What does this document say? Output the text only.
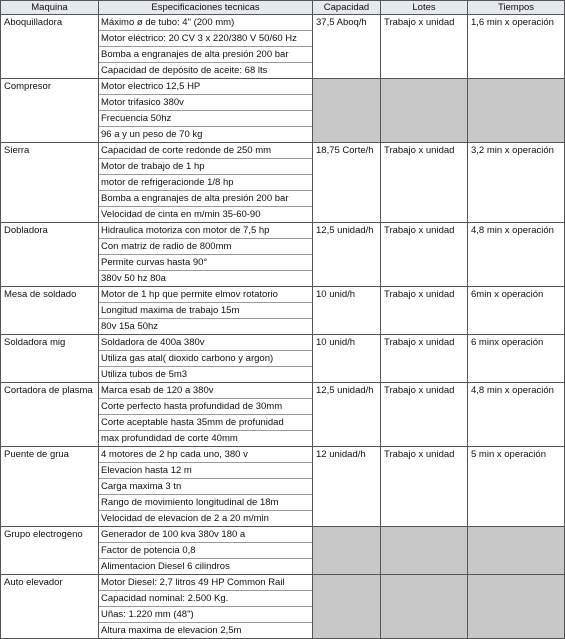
Maquina	Especificaciones tecnicas	Capacidad	Lotes	Tiempos
Aboquilladora	Máximo ø de tubo: 4" (200 mm)
Motor eléctrico: 20 CV 3 x 220/380 V 50/60 Hz
Bomba a engranajes de alta presión 200 bar
Capacidad de depósito de aceite: 68 lts	37,5 Aboq/h	Trabajo x unidad	1,6 min x operación
Compresor	Motor electrico 12,5 HP
Motor trifasico 380v
Frecuencia 50hz
96 a y un peso de 70 kg			

Sierra	Capacidad de corte redonde de 250 mm
Motor de trabajo de 1 hp
motor de refrigeracionde 1/8 hp
Bomba a engranajes de alta presión 200 bar
Velocidad de cinta en m/min 35-60-90	18,75 Corte/h	Trabajo x unidad	3,2 min x operación
Dobladora	Hidraulica motoriza con motor de 7,5 hp
Con matriz de radio de 800mm
Permite curvas hasta 90°
380v 50 hz 80a	12,5 unidad/h	Trabajo x unidad	4,8 min x operación
Mesa de soldado	Motor de 1 hp que permite elmov rotatorio
Longitud maxima de trabajo 15m
80v 15a 50hz	10 unid/h	Trabajo x unidad	6min x operación
Soldadora mig	Soldadora de 400a 380v
Utiliza gas atal( dioxido carbono y argon)
Utiliza tubos de 5m3	10 unid/h	Trabajo x unidad	6 minx operación
Cortadora de plasma	Marca esab de 120 a 380v
Corte perfecto hasta profundidad de 30mm
Corte aceptable hasta 35mm de profunidad
max profundidad de corte 40mm	12,5 unidad/h	Trabajo x unidad	4,8 min x operación
Puente de grua	4 motores de 2 hp cada uno, 380 v
Elevacion hasta 12 m
Carga maxima 3 tn
Rango de movimiento longitudinal de 18m
Velocidad de elevacion de 2 a 20 m/min	12 unidad/h	Trabajo x unidad	5 min x operación
Grupo electrogeno	Generador de 100 kva 380v 180 a
Factor de potencia 0,8
Alimentacion Diesel 6 cilindros			

Auto elevador	Motor Diesel: 2,7 litros 49 HP Common Rail
Capacidad nominal: 2.500 Kg.
Uñas: 1.220 mm (48")
Altura maxima de elevacion 2,5m			
